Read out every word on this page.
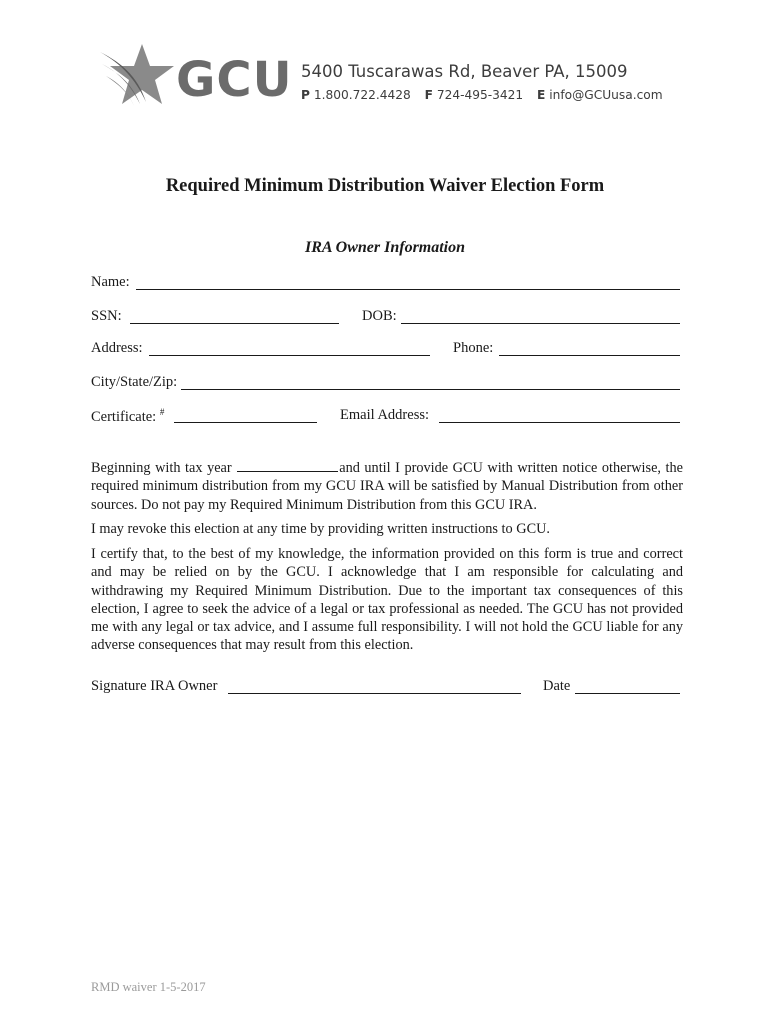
GCU 5400 Tuscarawas Rd, Beaver PA, 15009
P 1.800.722.4428 F 724-495-3421 E info@GCUusa.com
Required Minimum Distribution Waiver Election Form
IRA Owner Information
Name:
SSN:	DOB:
Address:	Phone:
City/State/Zip:
Certificate: #	Email Address:
Beginning with tax year	and until I provide GCU with written notice otherwise, the required minimum distribution from my GCU IRA will be satisfied by Manual Distribution from other sources. Do not pay my Required Minimum Distribution from this GCU IRA.
I may revoke this election at any time by providing written instructions to GCU.
I certify that, to the best of my knowledge, the information provided on this form is true and correct and may be relied on by the GCU. I acknowledge that I am responsible for calculating and withdrawing my Required Minimum Distribution. Due to the important tax consequences of this election, I agree to seek the advice of a legal or tax professional as needed. The GCU has not provided me with any legal or tax advice, and I assume full responsibility. I will not hold the GCU liable for any adverse consequences that may result from this election.
Signature IRA Owner	Date
RMD waiver 1-5-2017
